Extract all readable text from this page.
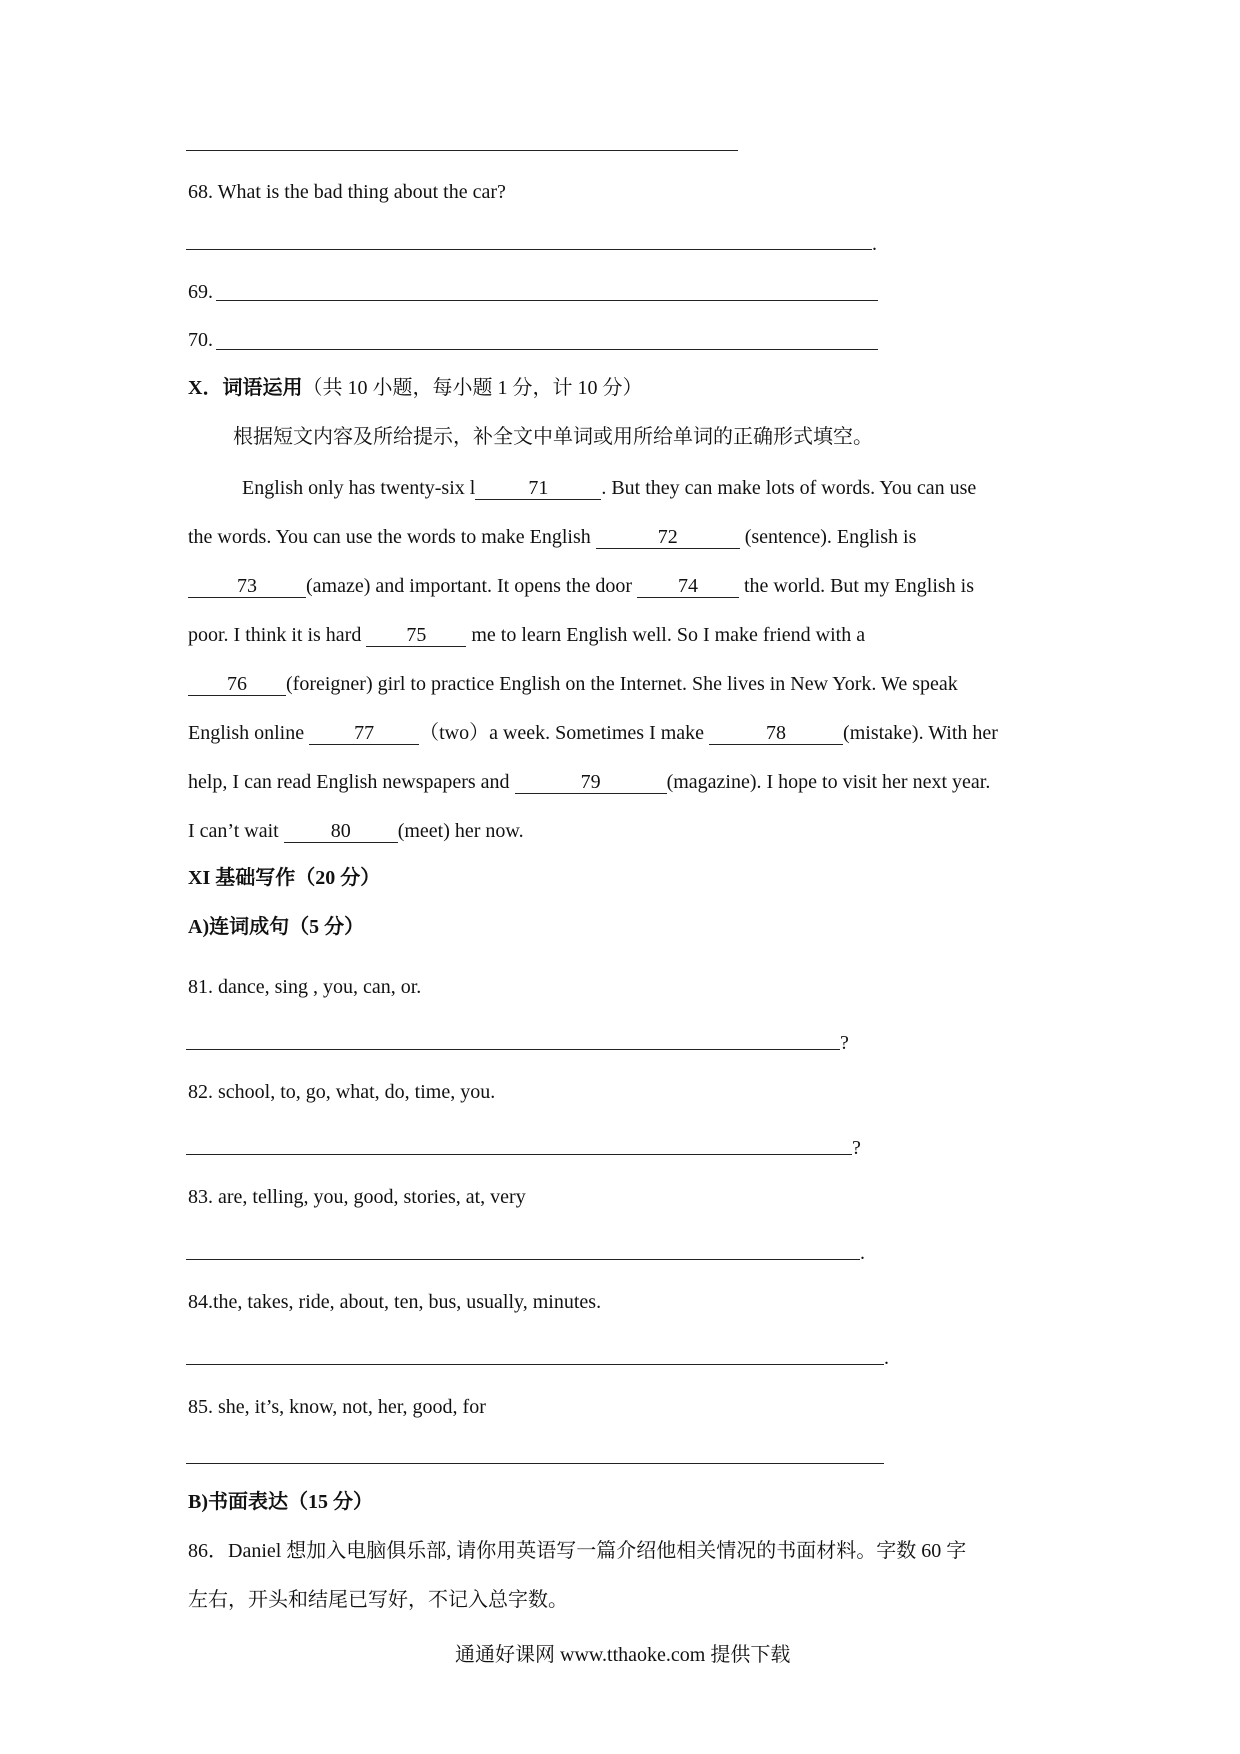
68. What is the bad thing about the car?
.
69.
70.
X．词语运用（共 10 小题，每小题 1 分，计 10 分）
根据短文内容及所给提示，补全文中单词或用所给单词的正确形式填空。
English only has twenty-six l	71	. But they can make lots of words. You can use
the words. You can use the words to make English	72	(sentence). English is
73 (amaze) and important. It opens the door 74 the world. But my English is
poor. I think it is hard 75 me to learn English well. So I make friend with a
76 (foreigner) girl to practice English on the Internet. She lives in New York. We speak
English online 77 （two）a week. Sometimes I make	78	(mistake). With her
help, I can read English newspapers and	79	(magazine). I hope to visit her next year.
I can’t wait 80 (meet) her now.
XI 基础写作（20 分）
A)连词成句（5 分）
81. dance, sing , you, can, or.
?
82. school, to, go, what, do, time, you.
?
83. are, telling, you, good, stories, at, very
.
84.the, takes, ride, about, ten, bus, usually, minutes.
.
85. she, it’s, know, not, her, good, for
B)书面表达（15 分）
86．Daniel 想加入电脑俱乐部, 请你用英语写一篇介绍他相关情况的书面材料。字数 60 字
左右，开头和结尾已写好，不记入总字数。
通通好课网 www.tthaoke.com 提供下载
